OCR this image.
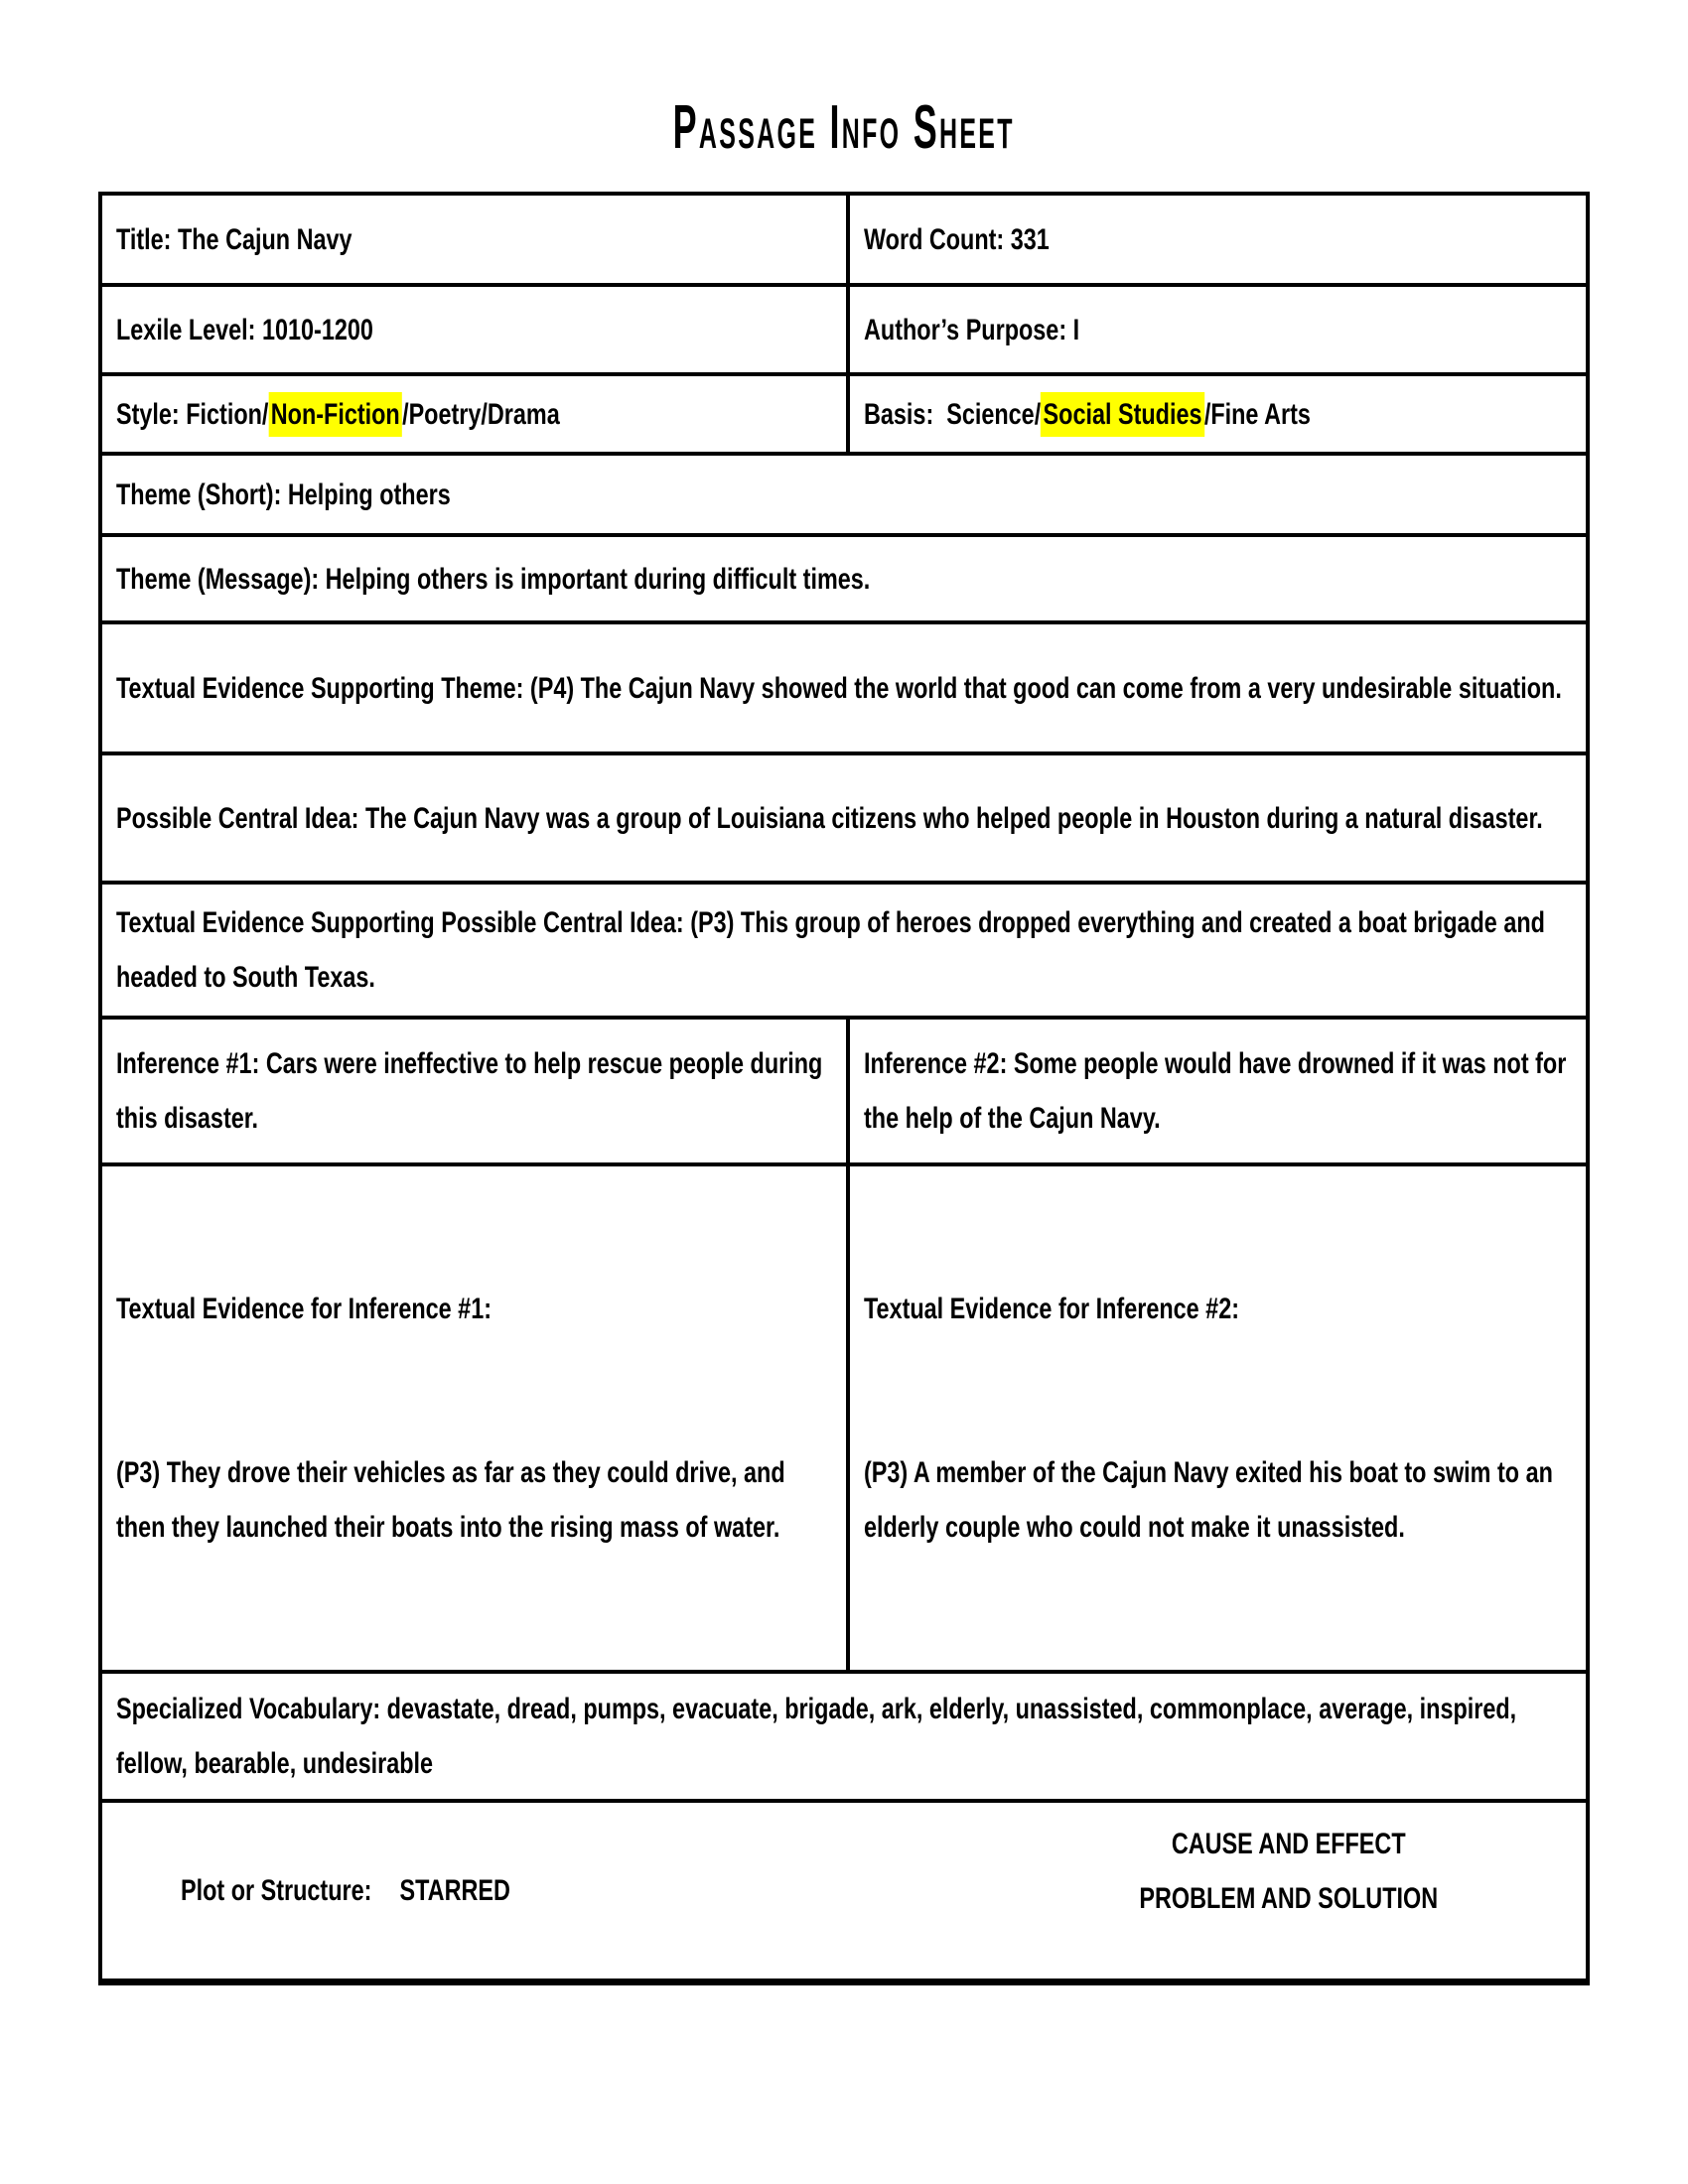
Passage Info Sheet
Title: The Cajun Navy	Word Count: 331

Lexile Level: 1010-1200	Author’s Purpose: I

Style: Fiction/Non-Fiction/Poetry/Drama	Basis:  Science/Social Studies/Fine Arts

Theme (Short): Helping others	

Theme (Message): Helping others is important during difficult times.	

Textual Evidence Supporting Theme: (P4) The Cajun Navy showed the world that good can come from a very undesirable situation.	

Possible Central Idea: The Cajun Navy was a group of Louisiana citizens who helped people in Houston during a natural disaster.	

Textual Evidence Supporting Possible Central Idea: (P3) This group of heroes dropped everything and created a boat brigade and headed to South Texas.	

Inference #1: Cars were ineffective to help rescue people during this disaster.	Inference #2: Some people would have drowned if it was not for the help of the Cajun Navy.

Textual Evidence for Inference #1:

(P3) They drove their vehicles as far as they could drive, and then they launched their boats into the rising mass of water.

Textual Evidence for Inference #2:

(P3) A member of the Cajun Navy exited his boat to swim to an elderly couple who could not make it unassisted.

Specialized Vocabulary: devastate, dread, pumps, evacuate, brigade, ark, elderly, unassisted, commonplace, average, inspired, fellow, bearable, undesirable	

Plot or Structure: STARRED

CAUSE AND EFFECT
PROBLEM AND SOLUTION	
